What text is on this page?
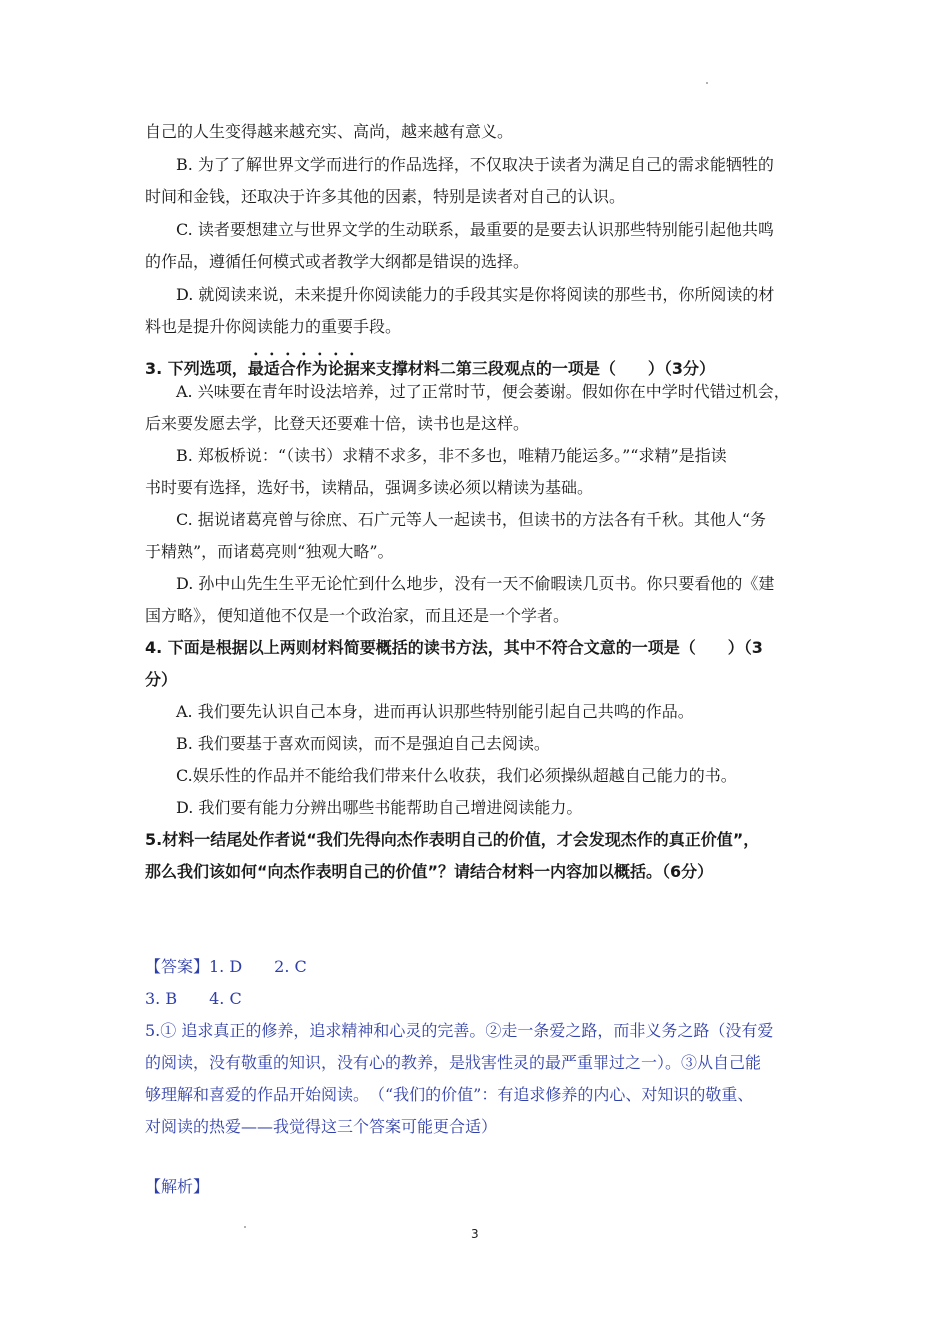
自己的人生变得越来越充实、高尚，越来越有意义。
B. 为了了解世界文学而进行的作品选择，不仅取决于读者为满足自己的需求能牺牲的
时间和金钱，还取决于许多其他的因素，特别是读者对自己的认识。
C. 读者要想建立与世界文学的生动联系，最重要的是要去认识那些特别能引起他共鸣
的作品，遵循任何模式或者教学大纲都是错误的选择。
D. 就阅读来说，未来提升你阅读能力的手段其实是你将阅读的那些书，你所阅读的材
料也是提升你阅读能力的重要手段。
3. 下列选项，最适合作为论据来支撑材料二第三段观点的一项是（　　）（3分）
A. 兴味要在青年时设法培养，过了正常时节，便会萎谢。假如你在中学时代错过机会，
后来要发愿去学，比登天还要难十倍，读书也是这样。
B. 郑板桥说：“（读书）求精不求多，非不多也，唯精乃能运多。”“求精”是指读
书时要有选择，选好书，读精品，强调多读必须以精读为基础。
C. 据说诸葛亮曾与徐庶、石广元等人一起读书，但读书的方法各有千秋。其他人“务
于精熟”，而诸葛亮则“独观大略”。
D. 孙中山先生生平无论忙到什么地步，没有一天不偷暇读几页书。你只要看他的《建
国方略》，便知道他不仅是一个政治家，而且还是一个学者。
4. 下面是根据以上两则材料简要概括的读书方法，其中不符合文意的一项是（　　）（3
分）
A. 我们要先认识自己本身，进而再认识那些特别能引起自己共鸣的作品。
B. 我们要基于喜欢而阅读，而不是强迫自己去阅读。
C.娱乐性的作品并不能给我们带来什么收获，我们必须操纵超越自己能力的书。
D. 我们要有能力分辨出哪些书能帮助自己增进阅读能力。
5.材料一结尾处作者说“我们先得向杰作表明自己的价值，才会发现杰作的真正价值”，
那么我们该如何“向杰作表明自己的价值”？请结合材料一内容加以概括。（6分）
【答案】1. D　　2. C
3. B　　4. C
5.① 追求真正的修养，追求精神和心灵的完善。②走一条爱之路，而非义务之路（没有爱
的阅读，没有敬重的知识，没有心的教养，是戕害性灵的最严重罪过之一）。③从自己能
够理解和喜爱的作品开始阅读。　（“我们的价值”：有追求修养的内心、对知识的敬重、
对阅读的热爱——我觉得这三个答案可能更合适）
【解析】
3
